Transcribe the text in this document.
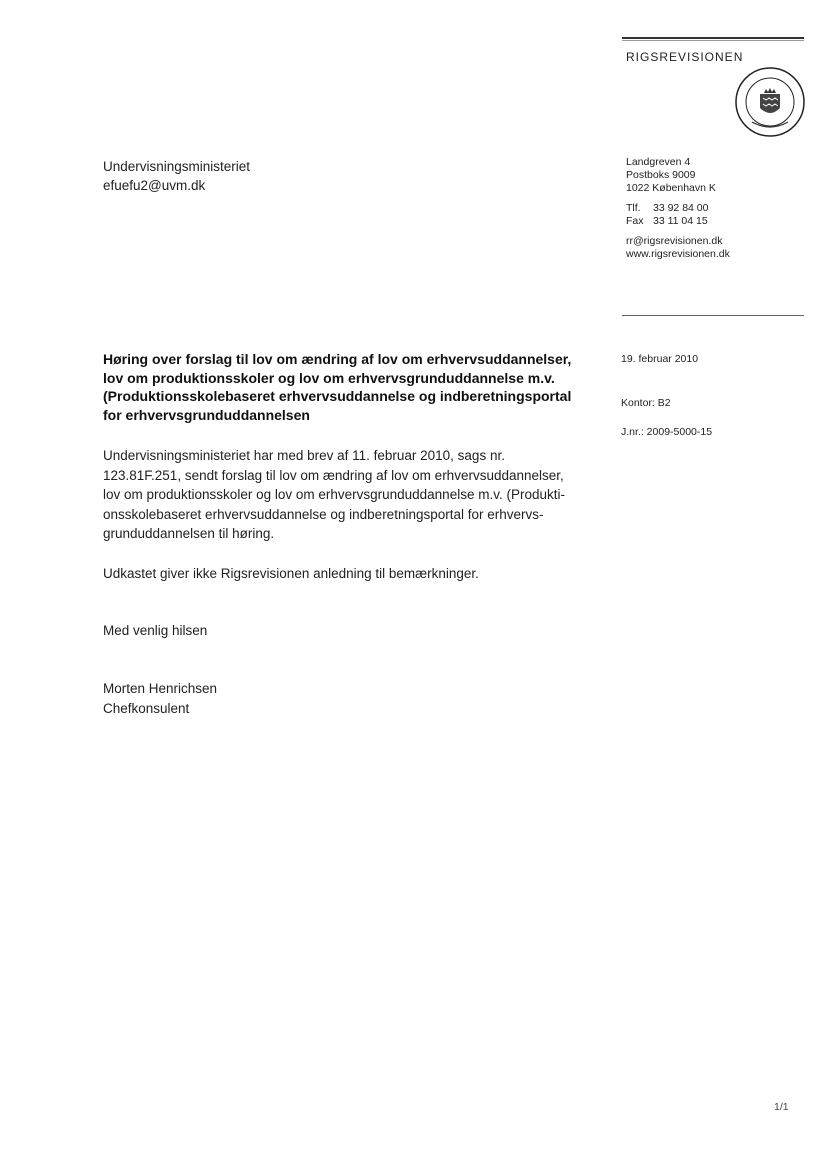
RIGSREVISIONEN
Undervisningsministeriet
efuefu2@uvm.dk
Landgreven 4
Postboks 9009
1022 København K
Tlf. 33 92 84 00
Fax 33 11 04 15
rr@rigsrevisionen.dk
www.rigsrevisionen.dk
19. februar 2010
Kontor: B2
J.nr.: 2009-5000-15
Høring over forslag til lov om ændring af lov om erhvervsuddannelser,
lov om produktionsskoler og lov om erhvervsgrunduddannelse m.v.
(Produktionsskolebaseret erhvervsuddannelse og indberetningsportal
for erhvervsgrunduddannelsen
Undervisningsministeriet har med brev af 11. februar 2010, sags nr.
123.81F.251, sendt forslag til lov om ændring af lov om erhvervsuddannelser,
lov om produktionsskoler og lov om erhvervsgrunduddannelse m.v. (Produkti-
onsskolebaseret erhvervsuddannelse og indberetningsportal for erhvervs-
grunduddannelsen til høring.
Udkastet giver ikke Rigsrevisionen anledning til bemærkninger.
Med venlig hilsen
Morten Henrichsen
Chefkonsulent
1/1
